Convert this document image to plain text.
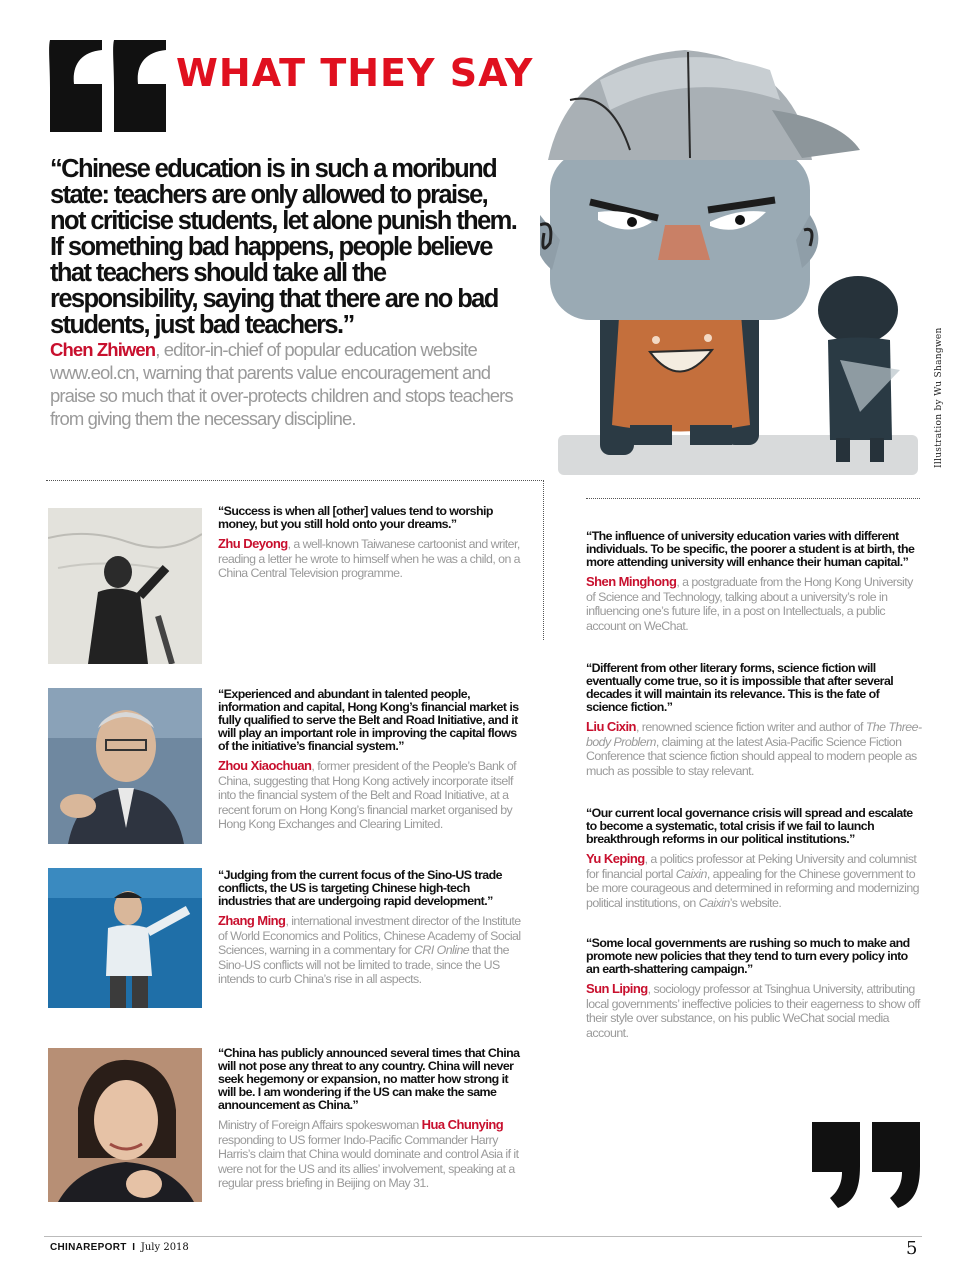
WHAT THEY SAY
“Chinese education is in such a moribund state: teachers are only allowed to praise, not criticise students, let alone punish them. If something bad happens, people believe that teachers should take all the responsibility, saying that there are no bad students, just bad teachers.”
Chen Zhiwen, editor-in-chief of popular education website www.eol.cn, warning that parents value encouragement and praise so much that it over-protects children and stops teachers from giving them the necessary discipline.	Illustration by Wu Shangwen
“Success is when all [other] values tend to worship money, but you still hold onto your dreams.”
Zhu Deyong, a well-known Taiwanese cartoonist and writer, reading a letter he wrote to himself when he was a child, on a China Central Television programme.
“Experienced and abundant in talented people, information and capital, Hong Kong’s financial market is fully qualified to serve the Belt and Road Initiative, and it will play an important role in improving the capital flows of the initiative’s financial system.”
Zhou Xiaochuan, former president of the People’s Bank of China, suggesting that Hong Kong actively incorporate itself into the financial system of the Belt and Road Initiative, at a recent forum on Hong Kong’s financial market organised by Hong Kong Exchanges and Clearing Limited.
“Judging from the current focus of the Sino-US trade conflicts, the US is targeting Chinese high-tech industries that are undergoing rapid development.”
Zhang Ming, international investment director of the Institute of World Economics and Politics, Chinese Academy of Social Sciences, warning in a commentary for CRI Online that the Sino-US conflicts will not be limited to trade, since the US intends to curb China’s rise in all aspects.
“China has publicly announced several times that China will not pose any threat to any country. China will never seek hegemony or expansion, no matter how strong it will be. I am wondering if the US can make the same announcement as China.”
Ministry of Foreign Affairs spokeswoman Hua Chunying responding to US former Indo-Pacific Commander Harry Harris’s claim that China would dominate and control Asia if it were not for the US and its allies’ involvement, speaking at a regular press briefing in Beijing on May 31.
“The influence of university education varies with different individuals. To be specific, the poorer a student is at birth, the more attending university will enhance their human capital.”
Shen Minghong, a postgraduate from the Hong Kong University of Science and Technology, talking about a university’s role in influencing one’s future life, in a post on Intellectuals, a public account on WeChat.
“Different from other literary forms, science fiction will eventually come true, so it is impossible that after several decades it will maintain its relevance. This is the fate of science fiction.”
Liu Cixin, renowned science fiction writer and author of The Three-body Problem, claiming at the latest Asia-Pacific Science Fiction Conference that science fiction should appeal to modern people as much as possible to stay relevant.
“Our current local governance crisis will spread and escalate to become a systematic, total crisis if we fail to launch breakthrough reforms in our political institutions.”
Yu Keping, a politics professor at Peking University and columnist for financial portal Caixin, appealing for the Chinese government to be more courageous and determined in reforming and modernizing political institutions, on Caixin’s website.
“Some local governments are rushing so much to make and promote new policies that they tend to turn every policy into an earth-shattering campaign.”
Sun Liping, sociology professor at Tsinghua University, attributing local governments’ ineffective policies to their eagerness to show off their style over substance, on his public WeChat social media account.
CHINAREPORT I July 2018	5
